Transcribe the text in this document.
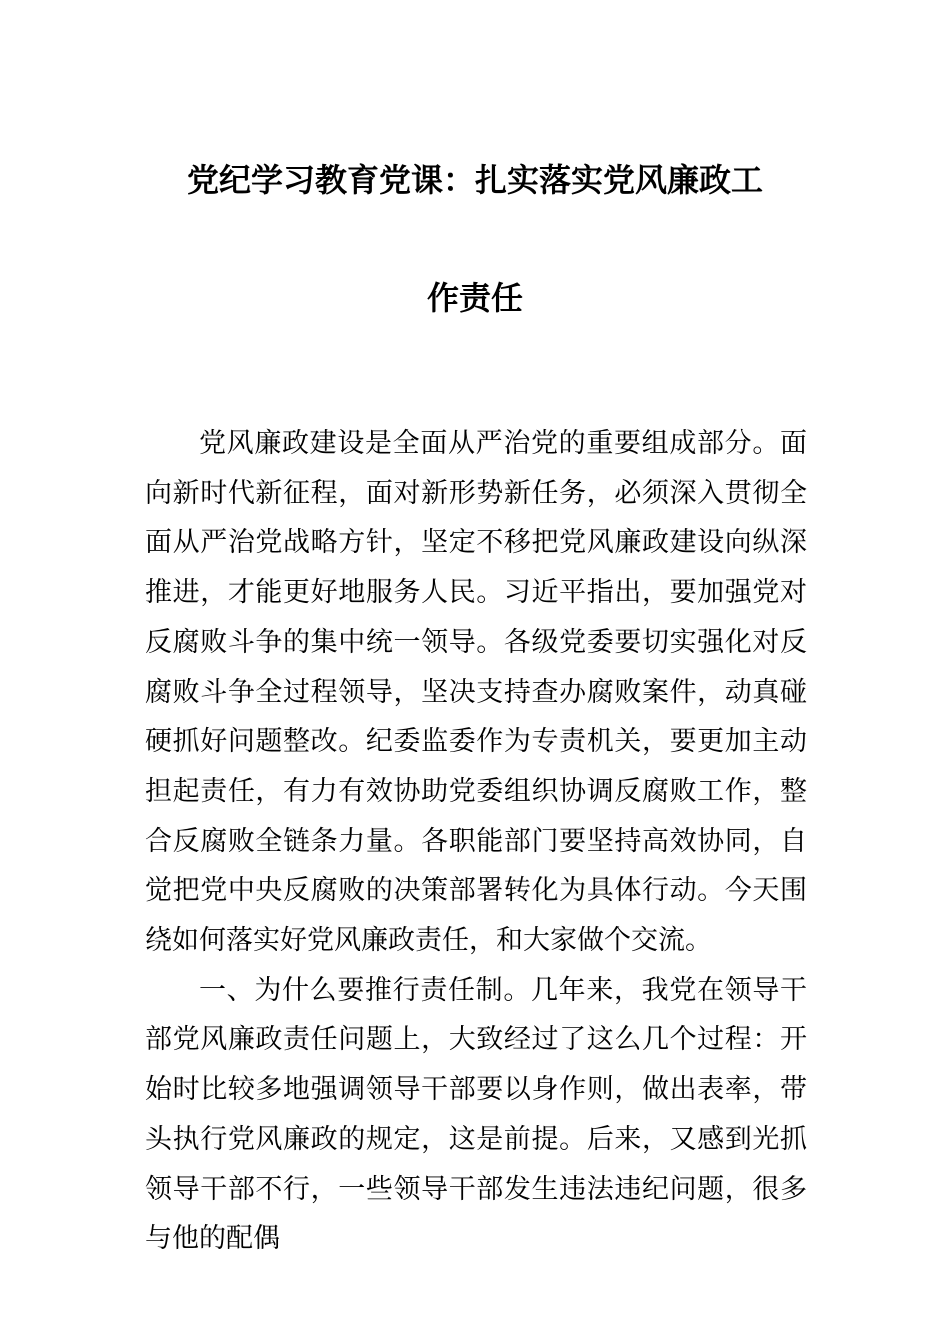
党纪学习教育党课：扎实落实党风廉政工
作责任

党风廉政建设是全面从严治党的重要组成部分。面向新时代新征程，面对新形势新任务，必须深入贯彻全面从严治党战略方针，坚定不移把党风廉政建设向纵深推进，才能更好地服务人民。习近平指出，要加强党对反腐败斗争的集中统一领导。各级党委要切实强化对反腐败斗争全过程领导，坚决支持查办腐败案件，动真碰硬抓好问题整改。纪委监委作为专责机关，要更加主动担起责任，有力有效协助党委组织协调反腐败工作，整合反腐败全链条力量。各职能部门要坚持高效协同，自觉把党中央反腐败的决策部署转化为具体行动。今天围绕如何落实好党风廉政责任，和大家做个交流。

一、为什么要推行责任制。几年来，我党在领导干部党风廉政责任问题上，大致经过了这么几个过程：开始时比较多地强调领导干部要以身作则，做出表率，带头执行党风廉政的规定，这是前提。后来，又感到光抓领导干部不行，一些领导干部发生违法违纪问题，很多与他的配偶
